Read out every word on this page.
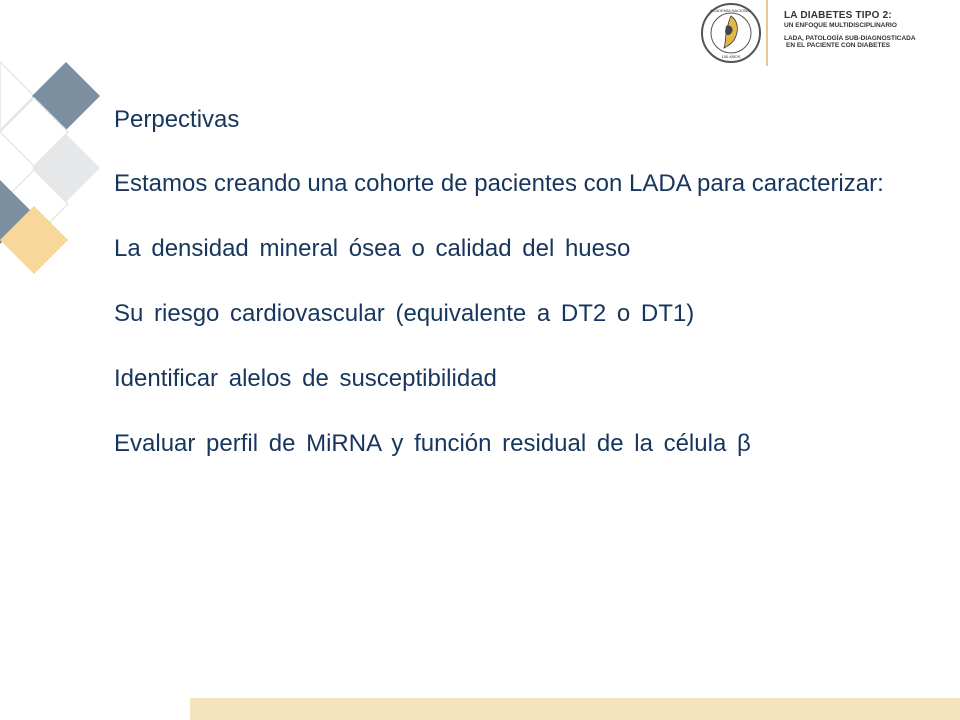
ACADEMIA NACIONAL
150 AÑOS
LA DIABETES TIPO 2:
UN ENFOQUE MULTIDISCIPLINARIO
LADA, PATOLOGÍA SUB-DIAGNOSTICADA
EN EL PACIENTE CON DIABETES

Perpectivas

Estamos creando una cohorte de pacientes con LADA para caracterizar:

La densidad mineral ósea o calidad del hueso

Su riesgo cardiovascular (equivalente a DT2 o DT1)

Identificar alelos de susceptibilidad

Evaluar perfil de MiRNA y función residual de la célula β
